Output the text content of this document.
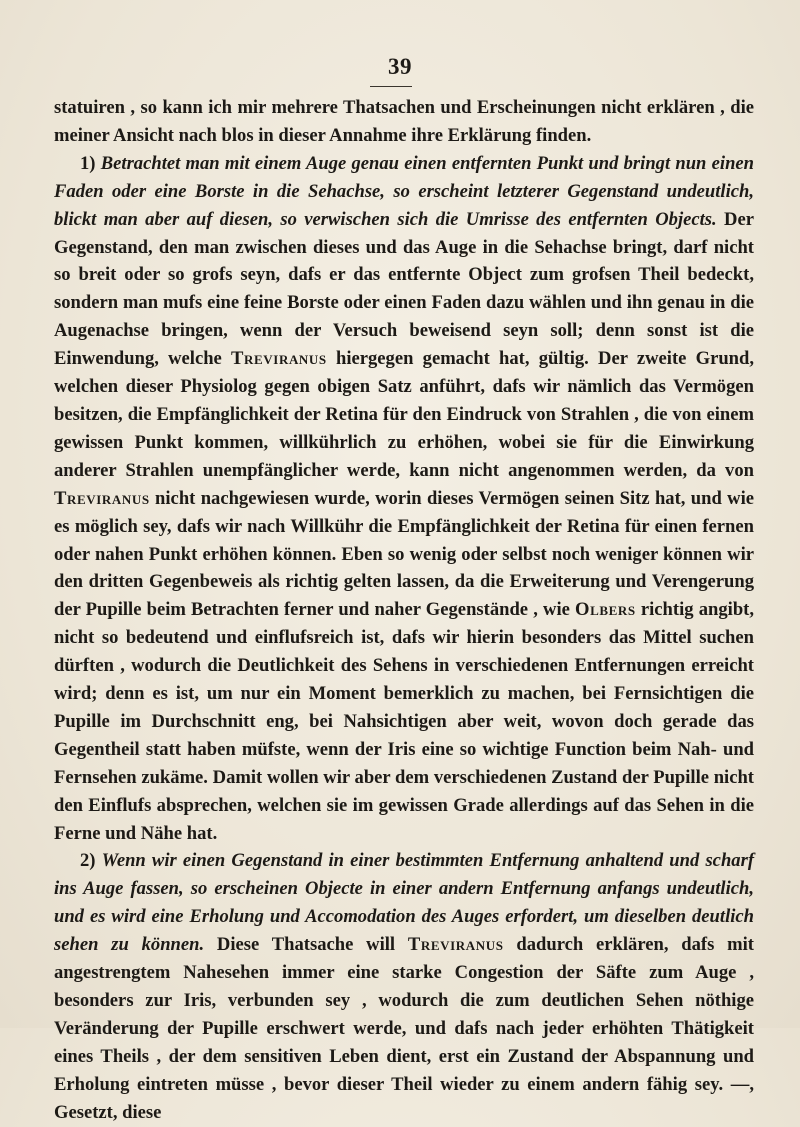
39

statuiren , so kann ich mir mehrere Thatsachen und Erscheinungen nicht erklären , die meiner Ansicht nach blos in dieser Annahme ihre Erklärung finden.

1) Betrachtet man mit einem Auge genau einen entfernten Punkt und bringt nun einen Faden oder eine Borste in die Sehachse, so erscheint letzterer Gegenstand undeutlich, blickt man aber auf diesen, so verwischen sich die Umrisse des entfernten Objects. Der Gegenstand, den man zwischen dieses und das Auge in die Sehachse bringt, darf nicht so breit oder so grofs seyn, dafs er das entfernte Object zum grofsen Theil bedeckt, sondern man mufs eine feine Borste oder einen Faden dazu wählen und ihn genau in die Augenachse bringen, wenn der Versuch beweisend seyn soll; denn sonst ist die Einwendung, welche Treviranus hiergegen gemacht hat, gültig. Der zweite Grund, welchen dieser Physiolog gegen obigen Satz anführt, dafs wir nämlich das Vermögen besitzen, die Empfänglichkeit der Retina für den Eindruck von Strahlen , die von einem gewissen Punkt kommen, willkührlich zu erhöhen, wobei sie für die Einwirkung anderer Strahlen unempfänglicher werde, kann nicht angenommen werden, da von Treviranus nicht nachgewiesen wurde, worin dieses Vermögen seinen Sitz hat, und wie es möglich sey, dafs wir nach Willkühr die Empfänglichkeit der Retina für einen fernen oder nahen Punkt erhöhen können. Eben so wenig oder selbst noch weniger können wir den dritten Gegenbeweis als richtig gelten lassen, da die Erweiterung und Verengerung der Pupille beim Betrachten ferner und naher Gegenstände , wie Olbers richtig angibt, nicht so bedeutend und einflufsreich ist, dafs wir hierin besonders das Mittel suchen dürften , wodurch die Deutlichkeit des Sehens in verschiedenen Entfernungen erreicht wird; denn es ist, um nur ein Moment bemerklich zu machen, bei Fernsichtigen die Pupille im Durchschnitt eng, bei Nahsichtigen aber weit, wovon doch gerade das Gegentheil statt haben müfste, wenn der Iris eine so wichtige Function beim Nah- und Fernsehen zukäme. Damit wollen wir aber dem verschiedenen Zustand der Pupille nicht den Einflufs absprechen, welchen sie im gewissen Grade allerdings auf das Sehen in die Ferne und Nähe hat.

2) Wenn wir einen Gegenstand in einer bestimmten Entfernung anhaltend und scharf ins Auge fassen, so erscheinen Objecte in einer andern Entfernung anfangs undeutlich, und es wird eine Erholung und Accomodation des Auges erfordert, um dieselben deutlich sehen zu können. Diese Thatsache will Treviranus dadurch erklären, dafs mit angestrengtem Nahesehen immer eine starke Congestion der Säfte zum Auge , besonders zur Iris, verbunden sey , wodurch die zum deutlichen Sehen nöthige Veränderung der Pupille erschwert werde, und dafs nach jeder erhöhten Thätigkeit eines Theils , der dem sensitiven Leben dient, erst ein Zustand der Abspannung und Erholung eintreten müsse , bevor dieser Theil wieder zu einem andern fähig sey. —, Gesetzt, diese
